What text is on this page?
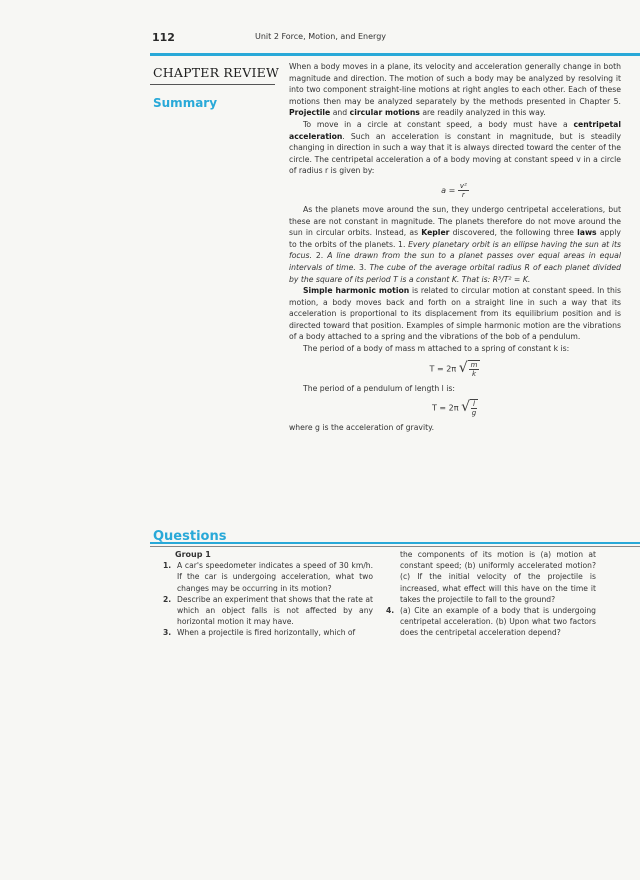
112	Unit 2 Force, Motion, and Energy
CHAPTER REVIEW
Summary
Questions

When a body moves in a plane, its velocity and acceleration generally change in both magnitude and direction. The motion of such a body may be analyzed by resolving it into two component straight-line motions at right angles to each other. Each of these motions then may be analyzed separately by the methods presented in Chapter 5. Projectile and circular motions are readily analyzed in this way.

To move in a circle at constant speed, a body must have a centripetal acceleration. Such an acceleration is constant in magnitude, but is steadily changing in direction in such a way that it is always directed toward the center of the circle. The centripetal acceleration a of a body moving at constant speed v in a circle of radius r is given by:

$a = \frac{\text{v²}}{r}$

As the planets move around the sun, they undergo centripetal accelerations, but these are not constant in magnitude. The planets therefore do not move around the sun in circular orbits. Instead, as Kepler discovered, the following three laws apply to the orbits of the planets. 1. Every planetary orbit is an ellipse having the sun at its focus. 2. A line drawn from the sun to a planet passes over equal areas in equal intervals of time. 3. The cube of the average orbital radius R of each planet divided by the square of its period T is a constant K. That is: R³/T² = K.

Simple harmonic motion is related to circular motion at constant speed. In this motion, a body moves back and forth on a straight line in such a way that its acceleration is proportional to its displacement from its equilibrium position and is directed toward that position. Examples of simple harmonic motion are the vibrations of a body attached to a spring and the vibrations of the bob of a pendulum.

The period of a body of mass m attached to a spring of constant k is:

T = 2π √ $\frac{m}{k}$

The period of a pendulum of length l is:

T = 2π √ $\frac{l}{g}$

where g is the acceleration of gravity.

Group 1
1. A car's speedometer indicates a speed of 30 km/h. If the car is undergoing acceleration, what two changes may be occurring in its motion?
2. Describe an experiment that shows that the rate at which an object falls is not affected by any horizontal motion it may have.
3. When a projectile is fired horizontally, which of
the components of its motion is (a) motion at constant speed; (b) uniformly accelerated motion? (c) If the initial velocity of the projectile is increased, what effect will this have on the time it takes the projectile to fall to the ground?
4. (a) Cite an example of a body that is undergoing centripetal acceleration. (b) Upon what two factors does the centripetal acceleration depend?
